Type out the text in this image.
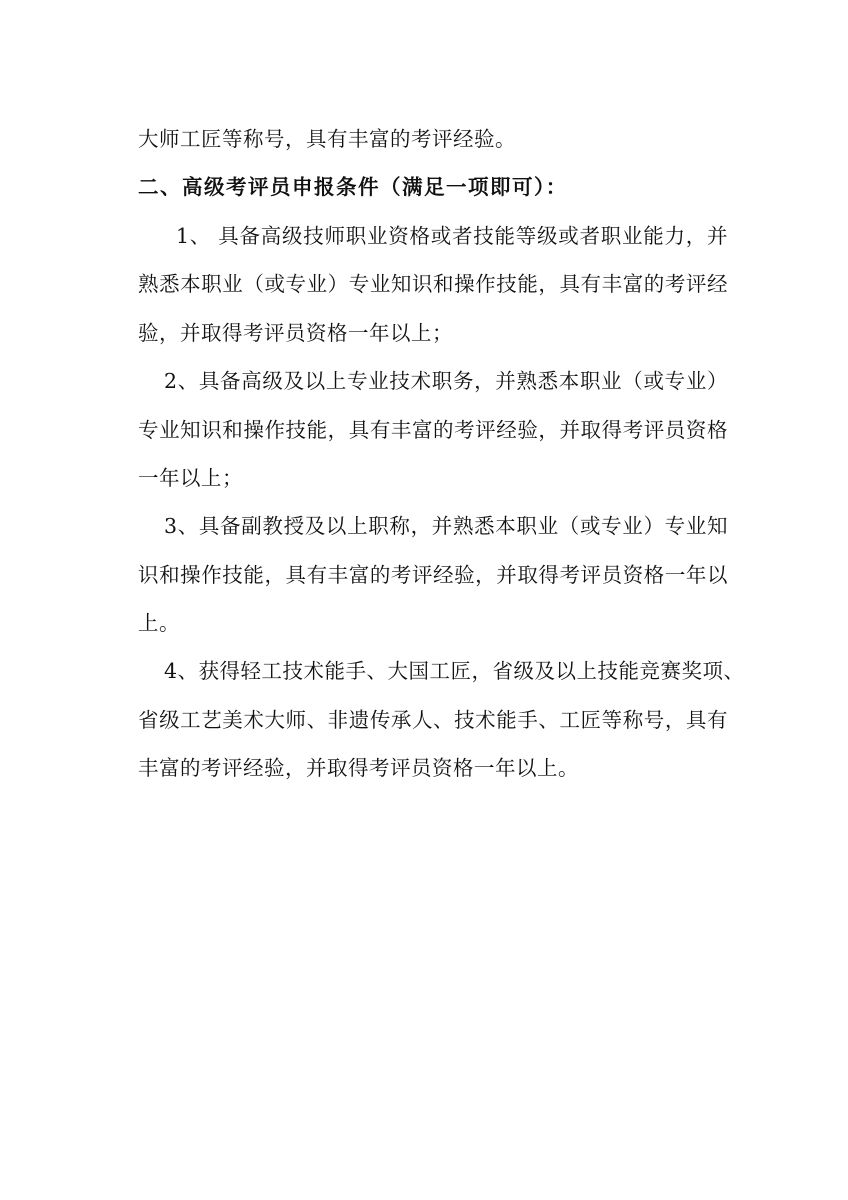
大师工匠等称号，具有丰富的考评经验。
二、高级考评员申报条件（满足一项即可）：
1、 具备高级技师职业资格或者技能等级或者职业能力，并
熟悉本职业（或专业）专业知识和操作技能，具有丰富的考评经
验，并取得考评员资格一年以上；
2、具备高级及以上专业技术职务，并熟悉本职业（或专业）
专业知识和操作技能，具有丰富的考评经验，并取得考评员资格
一年以上；
3、具备副教授及以上职称，并熟悉本职业（或专业）专业知
识和操作技能，具有丰富的考评经验，并取得考评员资格一年以
上。
4、获得轻工技术能手、大国工匠，省级及以上技能竞赛奖项、
省级工艺美术大师、非遗传承人、技术能手、工匠等称号，具有
丰富的考评经验，并取得考评员资格一年以上。
